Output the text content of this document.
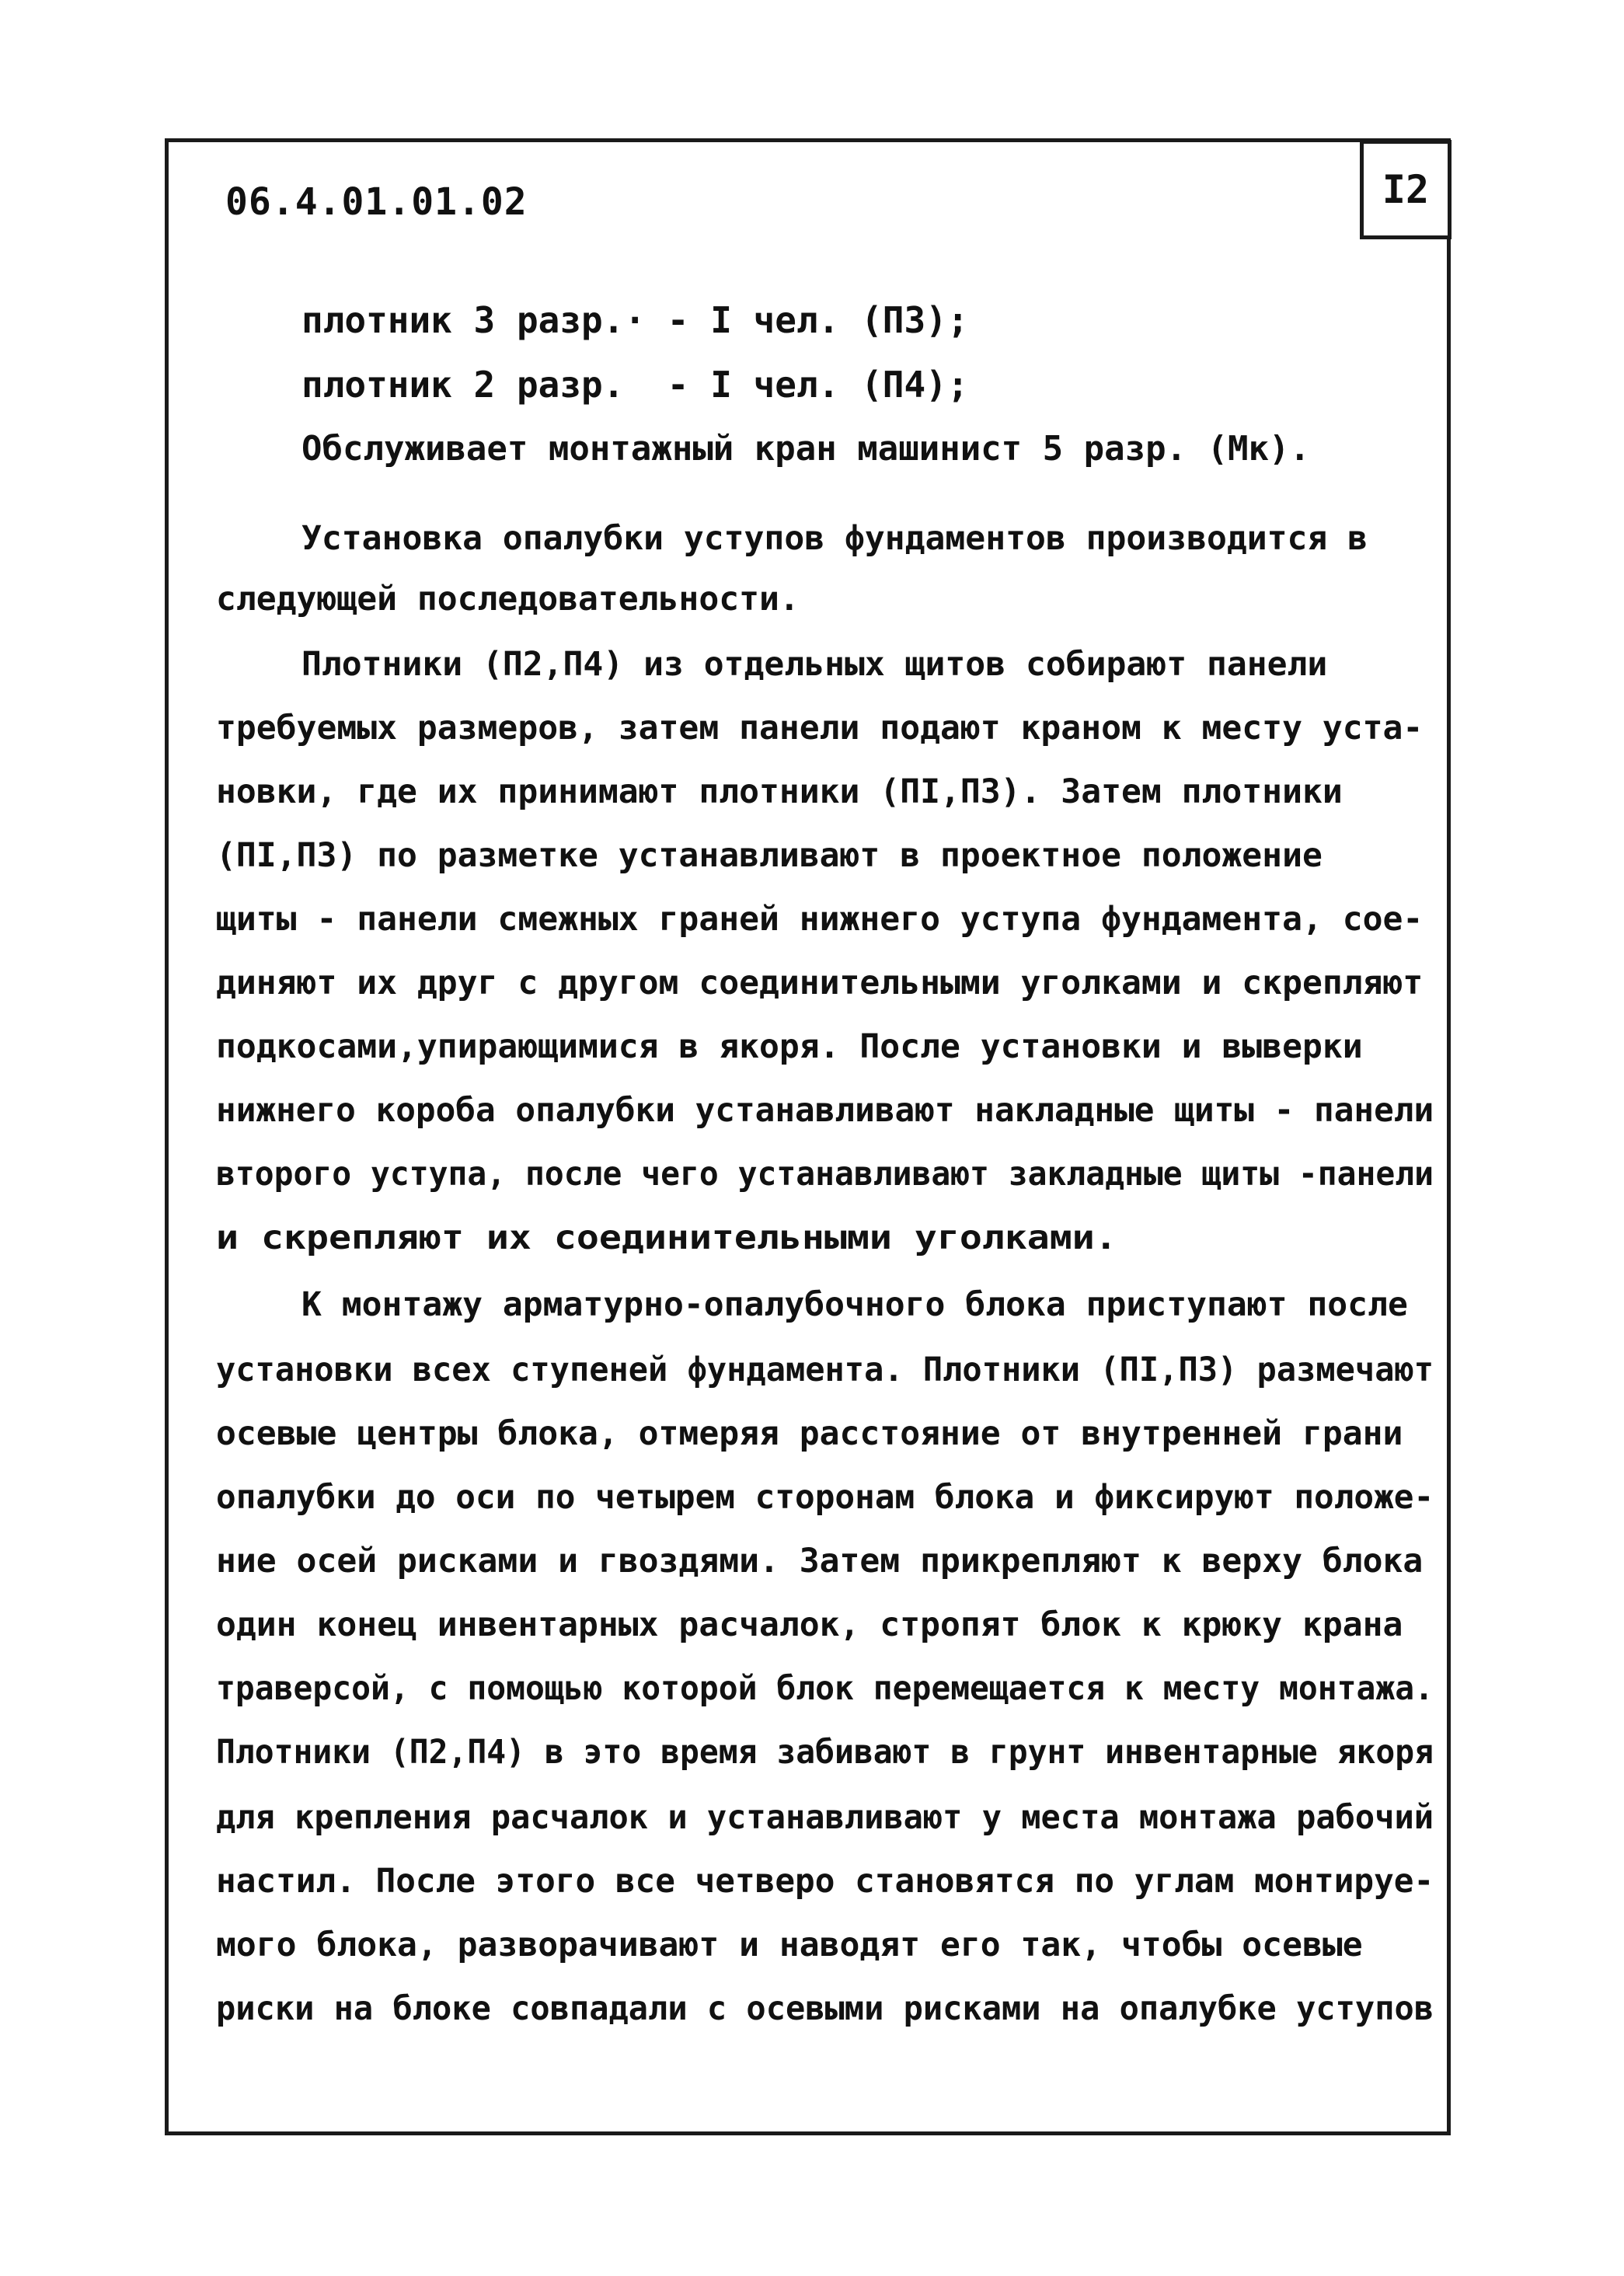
06.4.01.01.02	I2
плотник 3 разр.· - I чел. (П3);
плотник 2 разр.  - I чел. (П4);
Обслуживает монтажный кран машинист 5 разр. (Мк).
Установка опалубки уступов фундаментов производится в
следующей последовательности.
Плотники (П2,П4) из отдельных щитов собирают панели
требуемых размеров, затем панели подают краном к месту уста-
новки, где их принимают плотники (ПI,П3). Затем плотники
(ПI,П3) по разметке устанавливают в проектное положение
щиты - панели смежных граней нижнего уступа фундамента, сое-
диняют их друг с другом соединительными уголками и скрепляют
подкосами,упирающимися в якоря. После установки и выверки
нижнего короба опалубки устанавливают накладные щиты - панели
второго уступа, после чего устанавливают закладные щиты -панели
и скрепляют их соединительными уголками.
К монтажу арматурно-опалубочного блока приступают после
установки всех ступеней фундамента. Плотники (ПI,П3) размечают
осевые центры блока, отмеряя расстояние от внутренней грани
опалубки до оси по четырем сторонам блока и фиксируют положе-
ние осей рисками и гвоздями. Затем прикрепляют к верху блока
один конец инвентарных расчалок, стропят блок к крюку крана
траверсой, с помощью которой блок перемещается к месту монтажа.
Плотники (П2,П4) в это время забивают в грунт инвентарные якоря
для крепления расчалок и устанавливают у места монтажа рабочий
настил. После этого все четверо становятся по углам монтируе-
мого блока, разворачивают и наводят его так, чтобы осевые
риски на блоке совпадали с осевыми рисками на опалубке уступов
